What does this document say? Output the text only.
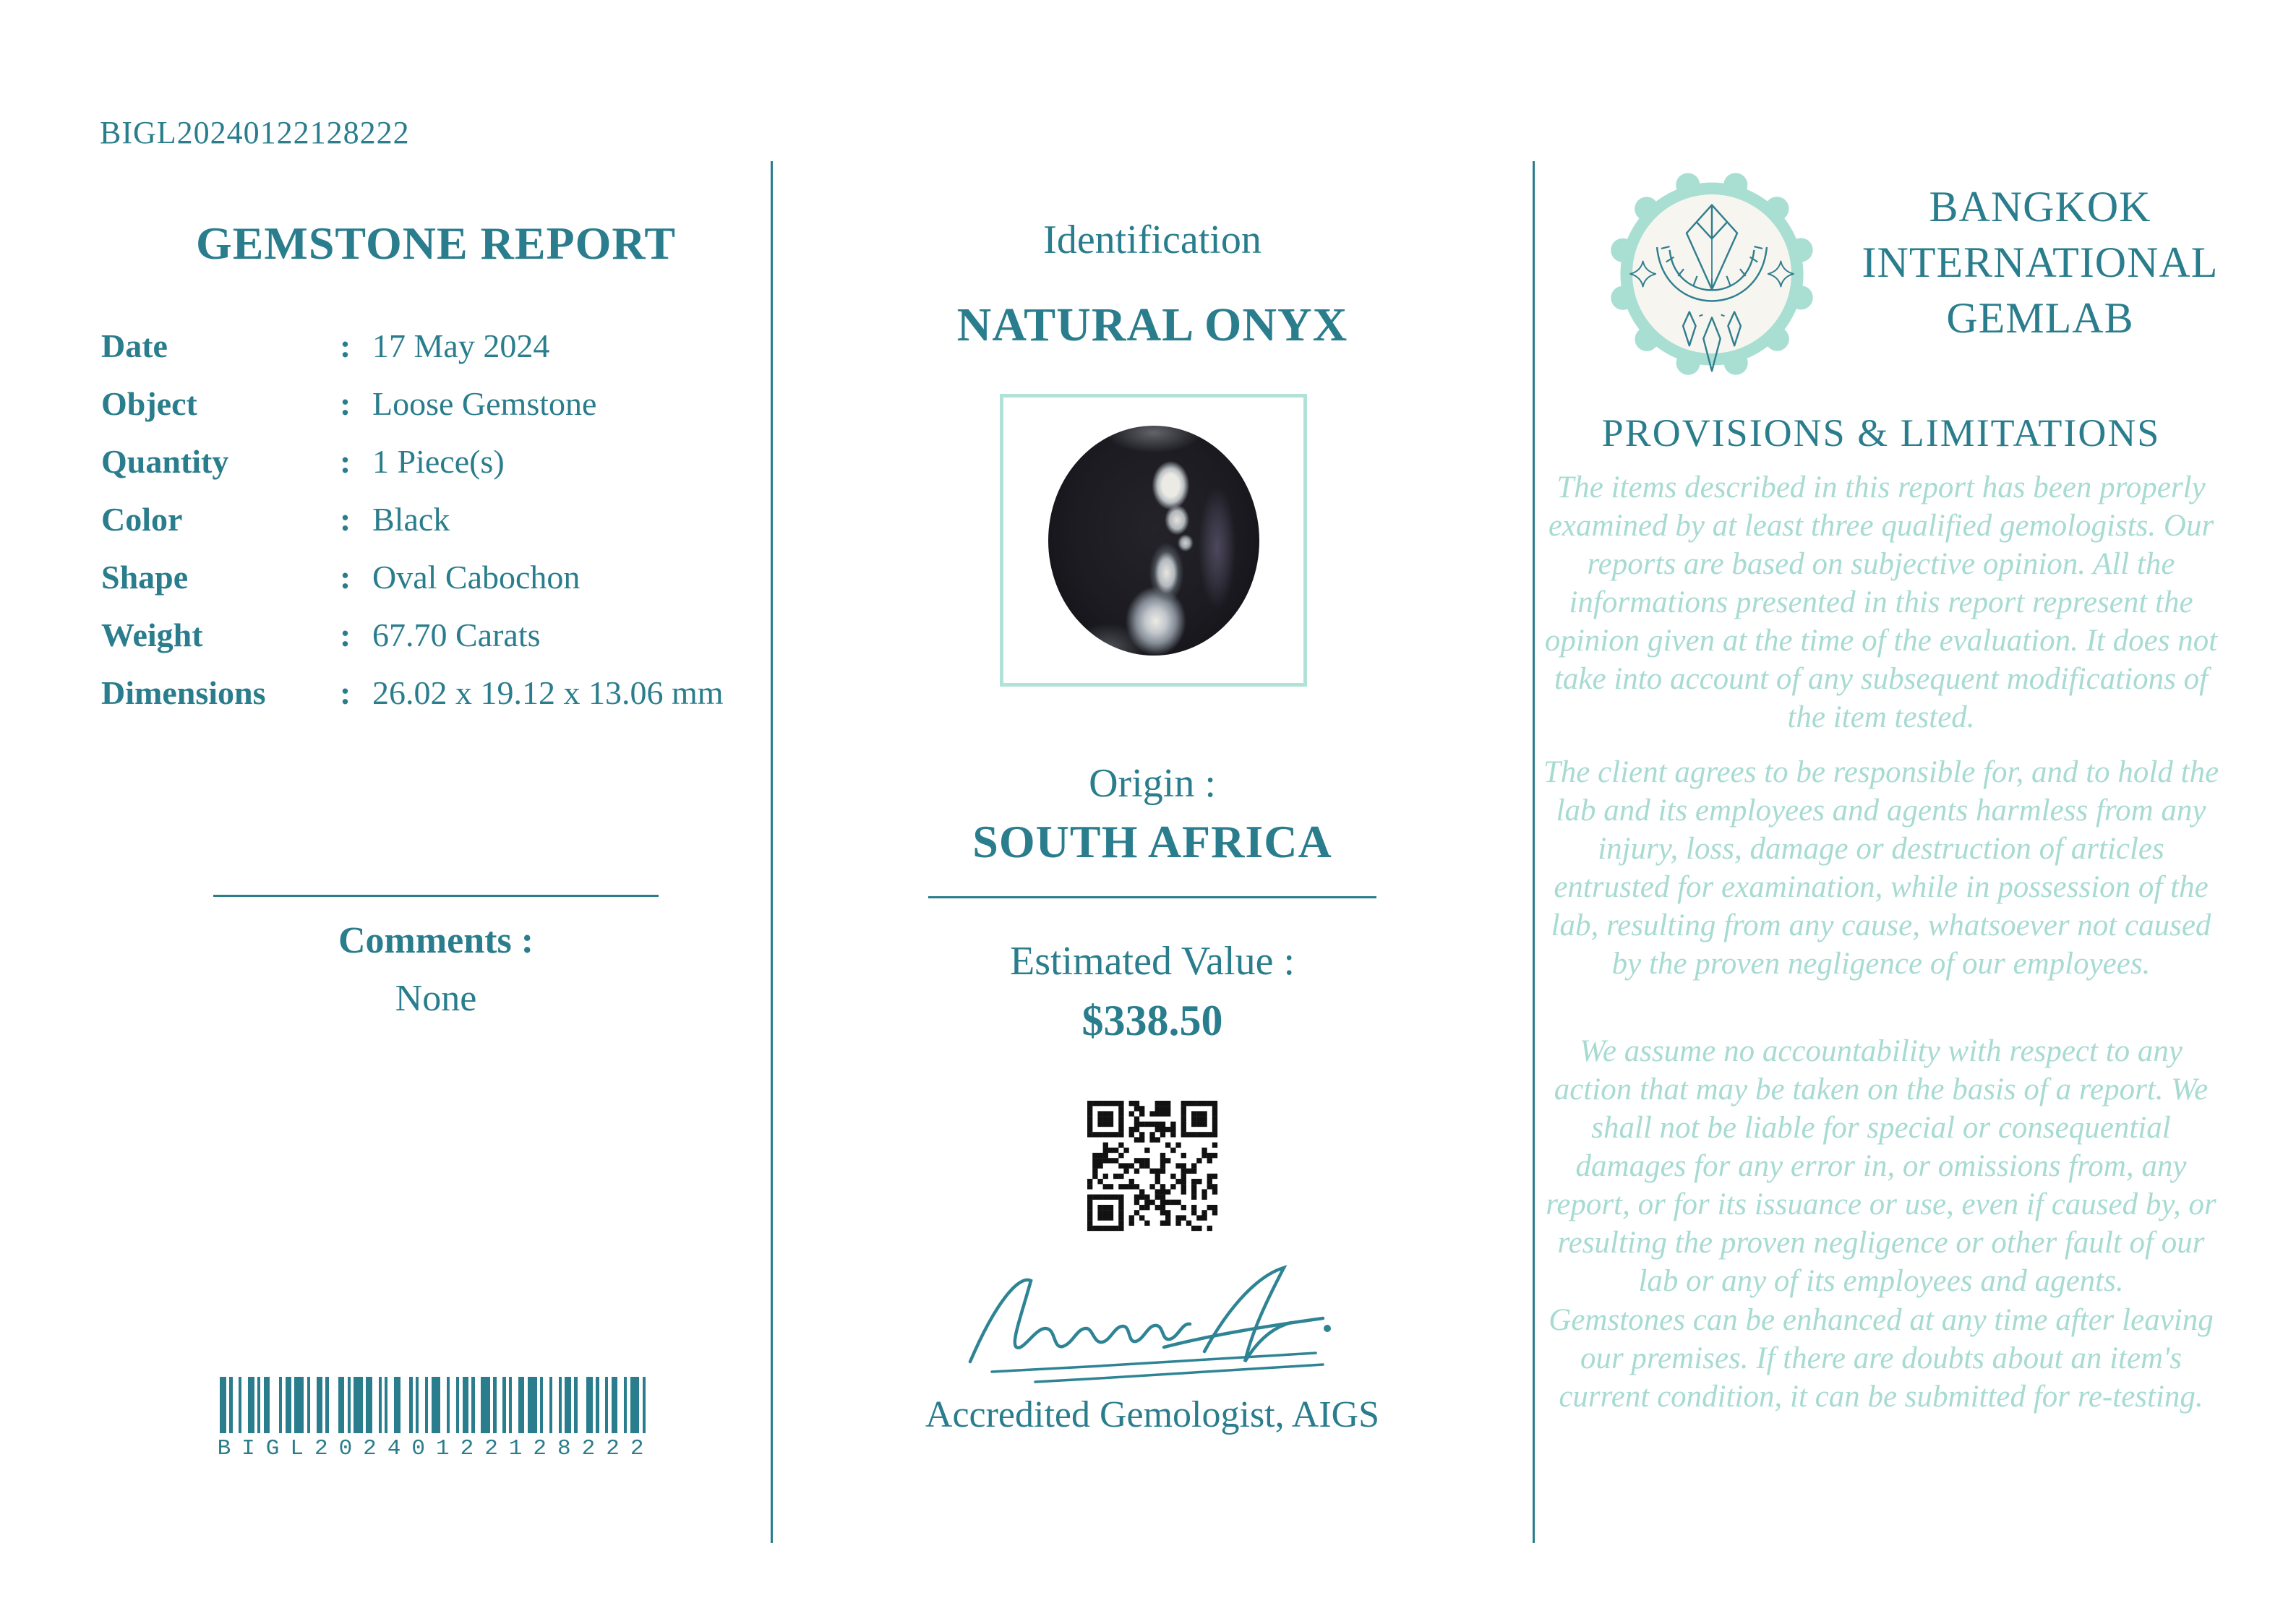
BIGL20240122128222
GEMSTONE REPORT
Date	: 17 May 2024
Object	: Loose Gemstone
Quantity	: 1 Piece(s)
Color	: Black
Shape	: Oval Cabochon
Weight	: 67.70 Carats
Dimensions	: 26.02 x 19.12 x 13.06 mm
Comments :
None
BIGL20240122128222
Identification
NATURAL ONYX
Origin :
SOUTH AFRICA
Estimated Value :
$338.50
Accredited Gemologist, AIGS
BANGKOK INTERNATIONAL GEMLAB
PROVISIONS & LIMITATIONS
The items described in this report has been properly examined by at least three qualified gemologists. Our reports are based on subjective opinion. All the informations presented in this report represent the opinion given at the time of the evaluation. It does not take into account of any subsequent modifications of the item tested.
The client agrees to be responsible for, and to hold the lab and its employees and agents harmless from any injury, loss, damage or destruction of articles entrusted for examination, while in possession of the lab, resulting from any cause, whatsoever not caused by the proven negligence of our employees.
We assume no accountability with respect to any action that may be taken on the basis of a report. We shall not be liable for special or consequential damages for any error in, or omissions from, any report, or for its issuance or use, even if caused by, or resulting the proven negligence or other fault of our lab or any of its employees and agents.
Gemstones can be enhanced at any time after leaving our premises. If there are doubts about an item's current condition, it can be submitted for re-testing.
